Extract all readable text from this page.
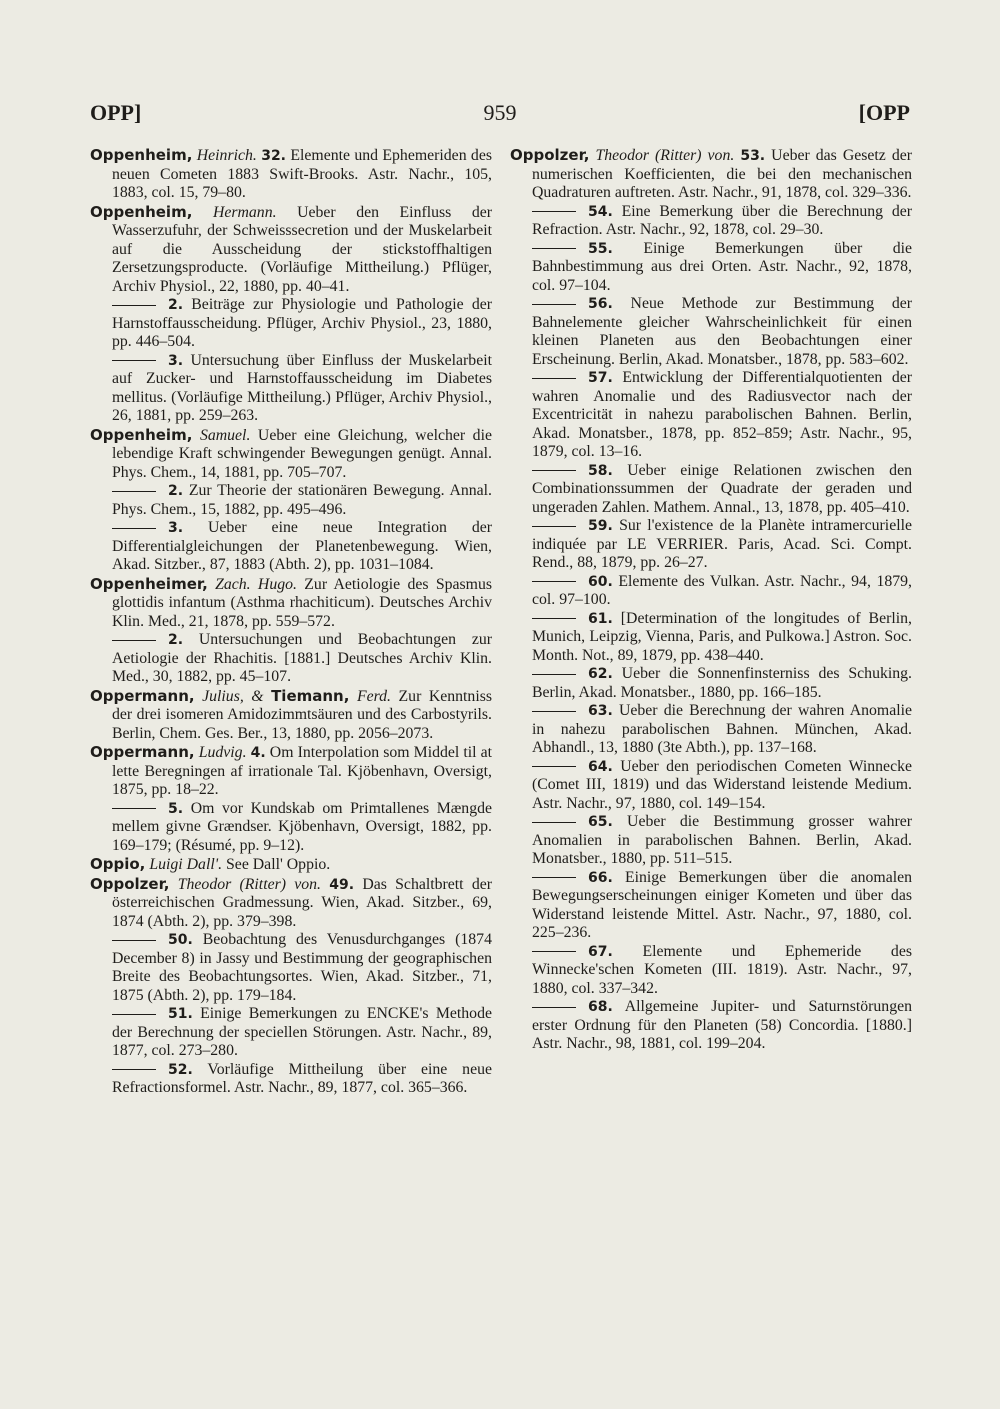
OPP]	959	[OPP

Oppenheim, Heinrich. 32. Elemente und Ephemeriden des neuen Cometen 1883 Swift-Brooks. Astr. Nachr., 105, 1883, col. 15, 79–80.

Oppenheim, Hermann. Ueber den Einfluss der Wasserzufuhr, der Schweisssecretion und der Muskelarbeit auf die Ausscheidung der stickstoffhaltigen Zersetzungsproducte. (Vorläufige Mittheilung.) Pflüger, Archiv Physiol., 22, 1880, pp. 40–41.

2. Beiträge zur Physiologie und Pathologie der Harnstoffausscheidung. Pflüger, Archiv Physiol., 23, 1880, pp. 446–504.

3. Untersuchung über Einfluss der Muskelarbeit auf Zucker- und Harnstoffausscheidung im Diabetes mellitus. (Vorläufige Mittheilung.) Pflüger, Archiv Physiol., 26, 1881, pp. 259–263.

Oppenheim, Samuel. Ueber eine Gleichung, welcher die lebendige Kraft schwingender Bewegungen genügt. Annal. Phys. Chem., 14, 1881, pp. 705–707.

2. Zur Theorie der stationären Bewegung. Annal. Phys. Chem., 15, 1882, pp. 495–496.

3. Ueber eine neue Integration der Differentialgleichungen der Planetenbewegung. Wien, Akad. Sitzber., 87, 1883 (Abth. 2), pp. 1031–1084.

Oppenheimer, Zach. Hugo. Zur Aetiologie des Spasmus glottidis infantum (Asthma rhachiticum). Deutsches Archiv Klin. Med., 21, 1878, pp. 559–572.

2. Untersuchungen und Beobachtungen zur Aetiologie der Rhachitis. [1881.] Deutsches Archiv Klin. Med., 30, 1882, pp. 45–107.

Oppermann, Julius, & Tiemann, Ferd. Zur Kenntniss der drei isomeren Amidozimmtsäuren und des Carbostyrils. Berlin, Chem. Ges. Ber., 13, 1880, pp. 2056–2073.

Oppermann, Ludvig. 4. Om Interpolation som Middel til at lette Beregningen af irrationale Tal. Kjöbenhavn, Oversigt, 1875, pp. 18–22.

5. Om vor Kundskab om Primtallenes Mængde mellem givne Grændser. Kjöbenhavn, Oversigt, 1882, pp. 169–179; (Résumé, pp. 9–12).

Oppio, Luigi Dall'. See Dall' Oppio.

Oppolzer, Theodor (Ritter) von. 49. Das Schaltbrett der österreichischen Gradmessung. Wien, Akad. Sitzber., 69, 1874 (Abth. 2), pp. 379–398.

50. Beobachtung des Venusdurchganges (1874 December 8) in Jassy und Bestimmung der geographischen Breite des Beobachtungsortes. Wien, Akad. Sitzber., 71, 1875 (Abth. 2), pp. 179–184.

51. Einige Bemerkungen zu ENCKE's Methode der Berechnung der speciellen Störungen. Astr. Nachr., 89, 1877, col. 273–280.

52. Vorläufige Mittheilung über eine neue Refractionsformel. Astr. Nachr., 89, 1877, col. 365–366.

Oppolzer, Theodor (Ritter) von. 53. Ueber das Gesetz der numerischen Koefficienten, die bei den mechanischen Quadraturen auftreten. Astr. Nachr., 91, 1878, col. 329–336.

54. Eine Bemerkung über die Berechnung der Refraction. Astr. Nachr., 92, 1878, col. 29–30.

55. Einige Bemerkungen über die Bahnbestimmung aus drei Orten. Astr. Nachr., 92, 1878, col. 97–104.

56. Neue Methode zur Bestimmung der Bahnelemente gleicher Wahrscheinlichkeit für einen kleinen Planeten aus den Beobachtungen einer Erscheinung. Berlin, Akad. Monatsber., 1878, pp. 583–602.

57. Entwicklung der Differentialquotienten der wahren Anomalie und des Radiusvector nach der Excentricität in nahezu parabolischen Bahnen. Berlin, Akad. Monatsber., 1878, pp. 852–859; Astr. Nachr., 95, 1879, col. 13–16.

58. Ueber einige Relationen zwischen den Combinationssummen der Quadrate der geraden und ungeraden Zahlen. Mathem. Annal., 13, 1878, pp. 405–410.

59. Sur l'existence de la Planète intramercurielle indiquée par LE VERRIER. Paris, Acad. Sci. Compt. Rend., 88, 1879, pp. 26–27.

60. Elemente des Vulkan. Astr. Nachr., 94, 1879, col. 97–100.

61. [Determination of the longitudes of Berlin, Munich, Leipzig, Vienna, Paris, and Pulkowa.] Astron. Soc. Month. Not., 89, 1879, pp. 438–440.

62. Ueber die Sonnenfinsterniss des Schuking. Berlin, Akad. Monatsber., 1880, pp. 166–185.

63. Ueber die Berechnung der wahren Anomalie in nahezu parabolischen Bahnen. München, Akad. Abhandl., 13, 1880 (3te Abth.), pp. 137–168.

64. Ueber den periodischen Cometen Winnecke (Comet III, 1819) und das Widerstand leistende Medium. Astr. Nachr., 97, 1880, col. 149–154.

65. Ueber die Bestimmung grosser wahrer Anomalien in parabolischen Bahnen. Berlin, Akad. Monatsber., 1880, pp. 511–515.

66. Einige Bemerkungen über die anomalen Bewegungserscheinungen einiger Kometen und über das Widerstand leistende Mittel. Astr. Nachr., 97, 1880, col. 225–236.

67. Elemente und Ephemeride des Winnecke'schen Kometen (III. 1819). Astr. Nachr., 97, 1880, col. 337–342.

68. Allgemeine Jupiter- und Saturnstörungen erster Ordnung für den Planeten (58) Concordia. [1880.] Astr. Nachr., 98, 1881, col. 199–204.
